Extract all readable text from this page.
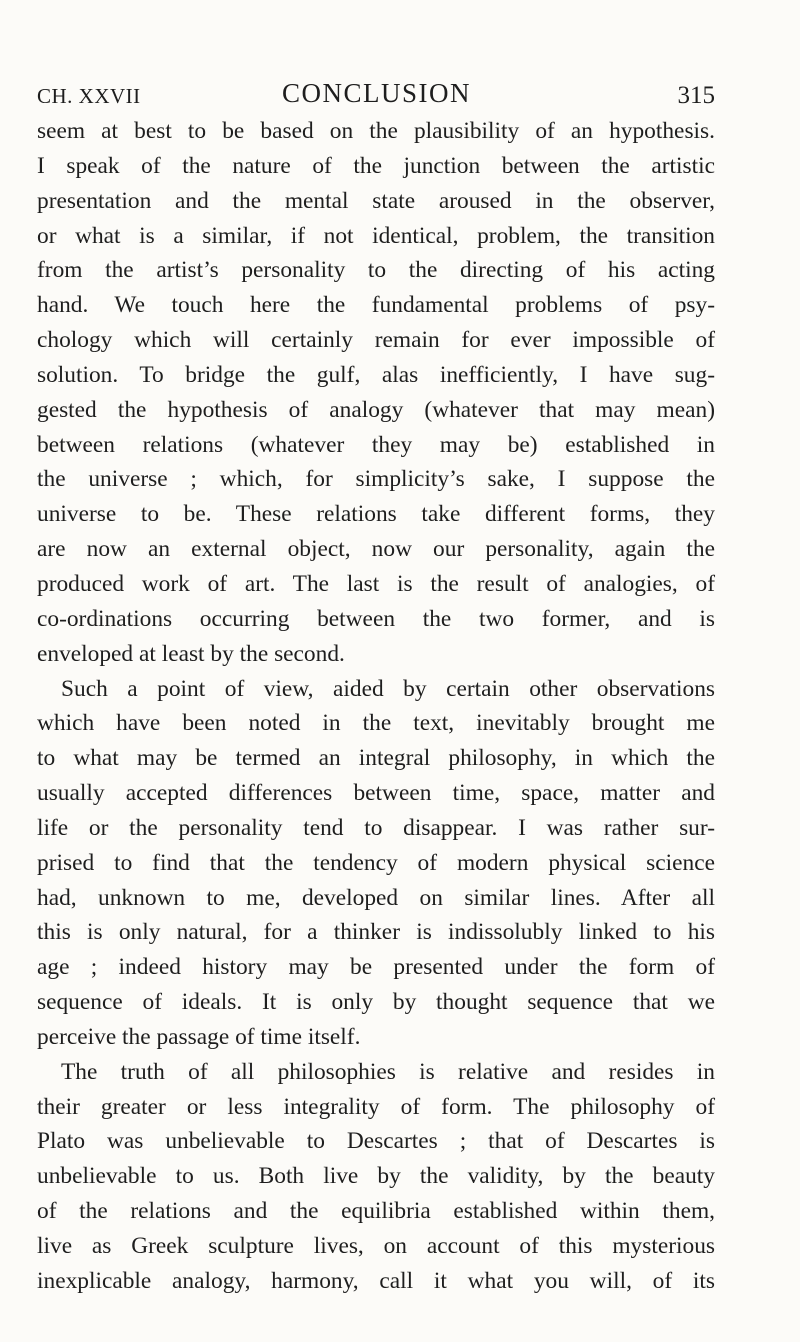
CH. XXVII	CONCLUSION	315
seem at best to be based on the plausibility of an hypothesis.
I speak of the nature of the junction between the artistic
presentation and the mental state aroused in the observer,
or what is a similar, if not identical, problem, the transition
from the artist’s personality to the directing of his acting
hand. We touch here the fundamental problems of psy-
chology which will certainly remain for ever impossible of
solution. To bridge the gulf, alas inefficiently, I have sug-
gested the hypothesis of analogy (whatever that may mean)
between relations (whatever they may be) established in
the universe ; which, for simplicity’s sake, I suppose the
universe to be. These relations take different forms, they
are now an external object, now our personality, again the
produced work of art. The last is the result of analogies, of
co-ordinations occurring between the two former, and is
enveloped at least by the second.
Such a point of view, aided by certain other observations
which have been noted in the text, inevitably brought me
to what may be termed an integral philosophy, in which the
usually accepted differences between time, space, matter and
life or the personality tend to disappear. I was rather sur-
prised to find that the tendency of modern physical science
had, unknown to me, developed on similar lines. After all
this is only natural, for a thinker is indissolubly linked to his
age ; indeed history may be presented under the form of
sequence of ideals. It is only by thought sequence that we
perceive the passage of time itself.
The truth of all philosophies is relative and resides in
their greater or less integrality of form. The philosophy of
Plato was unbelievable to Descartes ; that of Descartes is
unbelievable to us. Both live by the validity, by the beauty
of the relations and the equilibria established within them,
live as Greek sculpture lives, on account of this mysterious
inexplicable analogy, harmony, call it what you will, of its
